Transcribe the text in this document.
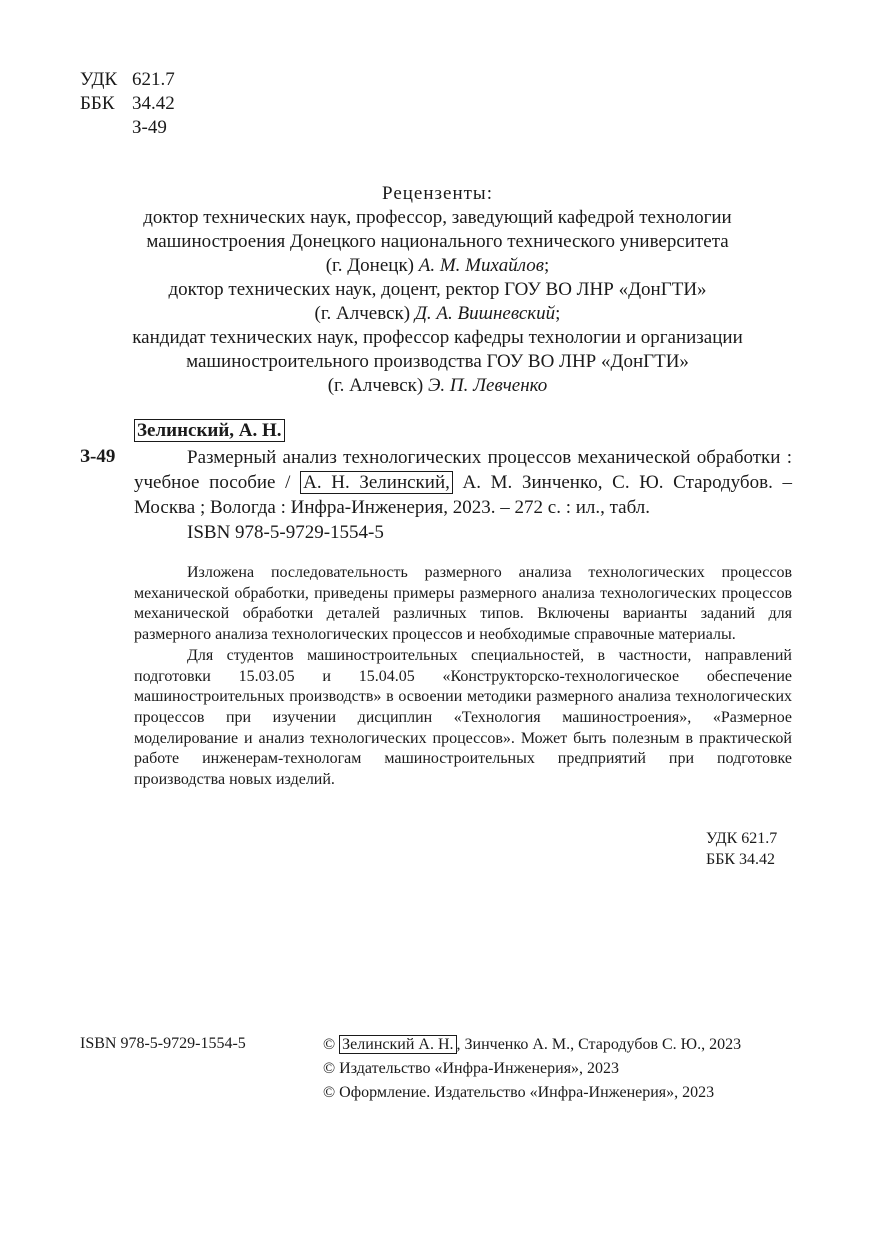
УДК 621.7
ББК 34.42
З-49
Рецензенты:
доктор технических наук, профессор, заведующий кафедрой технологии
машиностроения Донецкого национального технического университета
(г. Донецк) А. М. Михайлов;
доктор технических наук, доцент, ректор ГОУ ВО ЛНР «ДонГТИ»
(г. Алчевск) Д. А. Вишневский;
кандидат технических наук, профессор кафедры технологии и организации
машиностроительного производства ГОУ ВО ЛНР «ДонГТИ»
(г. Алчевск) Э. П. Левченко
Зелинский, А. Н.
З-49	Размерный анализ технологических процессов механической обработки : учебное пособие / А. Н. Зелинский, А. М. Зинченко, С. Ю. Стародубов. – Москва ; Вологда : Инфра-Инженерия, 2023. – 272 с. : ил., табл.

ISBN 978-5-9729-1554-5

Изложена последовательность размерного анализа технологических процессов механической обработки, приведены примеры размерного анализа технологических процессов механической обработки деталей различных типов. Включены варианты заданий для размерного анализа технологических процессов и необходимые справочные материалы.

Для студентов машиностроительных специальностей, в частности, направлений подготовки 15.03.05 и 15.04.05 «Конструкторско-технологическое обеспечение машиностроительных производств» в освоении методики размерного анализа технологических процессов при изучении дисциплин «Технология машиностроения», «Размерное моделирование и анализ технологических процессов». Может быть полезным в практической работе инженерам-технологам машиностроительных предприятий при подготовке производства новых изделий.

УДК 621.7
ББК 34.42
ISBN 978-5-9729-1554-5	© Зелинский А. Н. , Зинченко А. М., Стародубов С. Ю., 2023
© Издательство «Инфра-Инженерия», 2023
© Оформление. Издательство «Инфра-Инженерия», 2023
